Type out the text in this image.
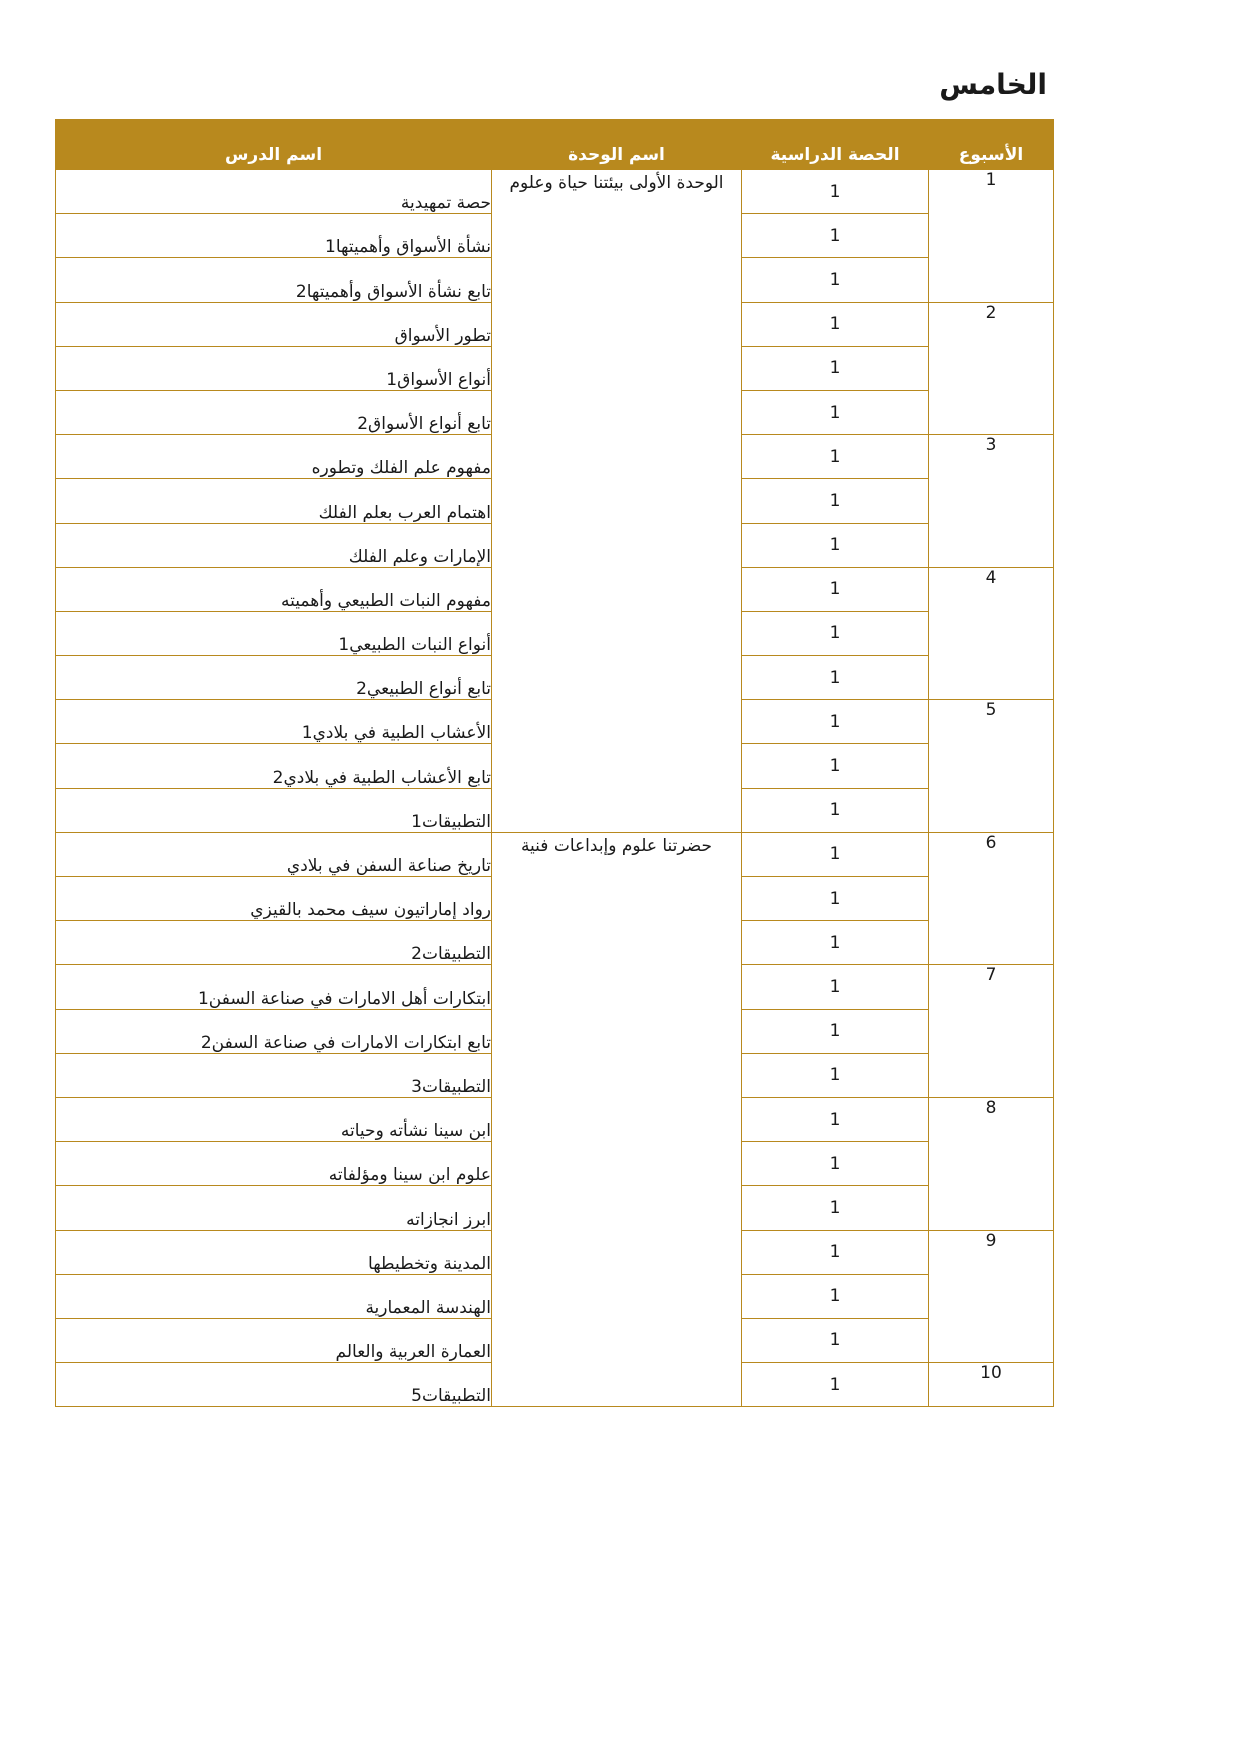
الخامس
الأسبوع	الحصة الدراسية	اسم الوحدة	اسم الدرس
1	1	الوحدة الأولى بيئتنا حياة وعلوم	حصة تمهيدية
	1		نشأة الأسواق وأهميتها1
	1		تابع نشأة الأسواق وأهميتها2
2	1		تطور الأسواق
	1		أنواع الأسواق1
	1		تابع أنواع الأسواق2
3	1		مفهوم علم الفلك وتطوره
	1		اهتمام العرب بعلم الفلك
	1		الإمارات وعلم الفلك
4	1		مفهوم النبات الطبيعي وأهميته
	1		أنواع النبات الطبيعي1
	1		تابع أنواع الطبيعي2
5	1		الأعشاب الطبية في بلادي1
	1		تابع الأعشاب الطبية في بلادي2
	1		التطبيقات1
6	1	حضرتنا علوم وإبداعات فنية	تاريخ صناعة السفن في بلادي
	1		رواد إماراتيون سيف محمد بالقيزي
	1		التطبيقات2
7	1		ابتكارات أهل الامارات في صناعة السفن1
	1		تابع ابتكارات الامارات في صناعة السفن2
	1		التطبيقات3
8	1		ابن سينا نشأته وحياته
	1		علوم ابن سينا ومؤلفاته
	1		ابرز انجازاته
9	1		المدينة وتخطيطها
	1		الهندسة المعمارية
	1		العمارة العربية والعالم
10	1		التطبيقات5
